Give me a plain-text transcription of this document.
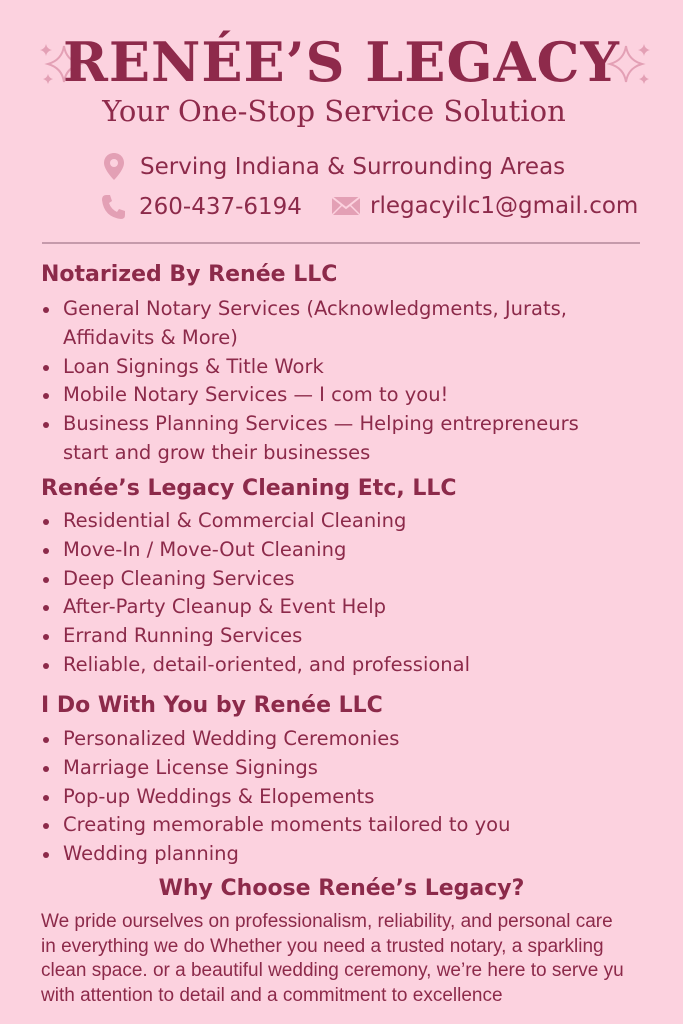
RENÉE’S LEGACY
Your One-Stop Service Solution
Serving Indiana & Surrounding Areas
260-437-6194	rlegacyilc1@gmail.com
Notarized By Renée LLC
General Notary Services (Acknowledgments, Jurats, Affidavits & More)
Loan Signings & Title Work
Mobile Notary Services — I com to you!
Business Planning Services — Helping entrepreneurs start and grow their businesses
Renée’s Legacy Cleaning Etc, LLC
Residential & Commercial Cleaning
Move-In / Move-Out Cleaning
Deep Cleaning Services
After-Party Cleanup & Event Help
Errand Running Services
Reliable, detail-oriented, and professional
I Do With You by Renée LLC
Personalized Wedding Ceremonies
Marriage License Signings
Pop-up Weddings & Elopements
Creating memorable moments tailored to you
Wedding planning
Why Choose Renée’s Legacy?
We pride ourselves on professionalism, reliability, and personal care
in everything we do Whether you need a trusted notary, a sparkling
clean space. or a beautiful wedding ceremony, we’re here to serve yu
with attention to detail and a commitment to excellence
